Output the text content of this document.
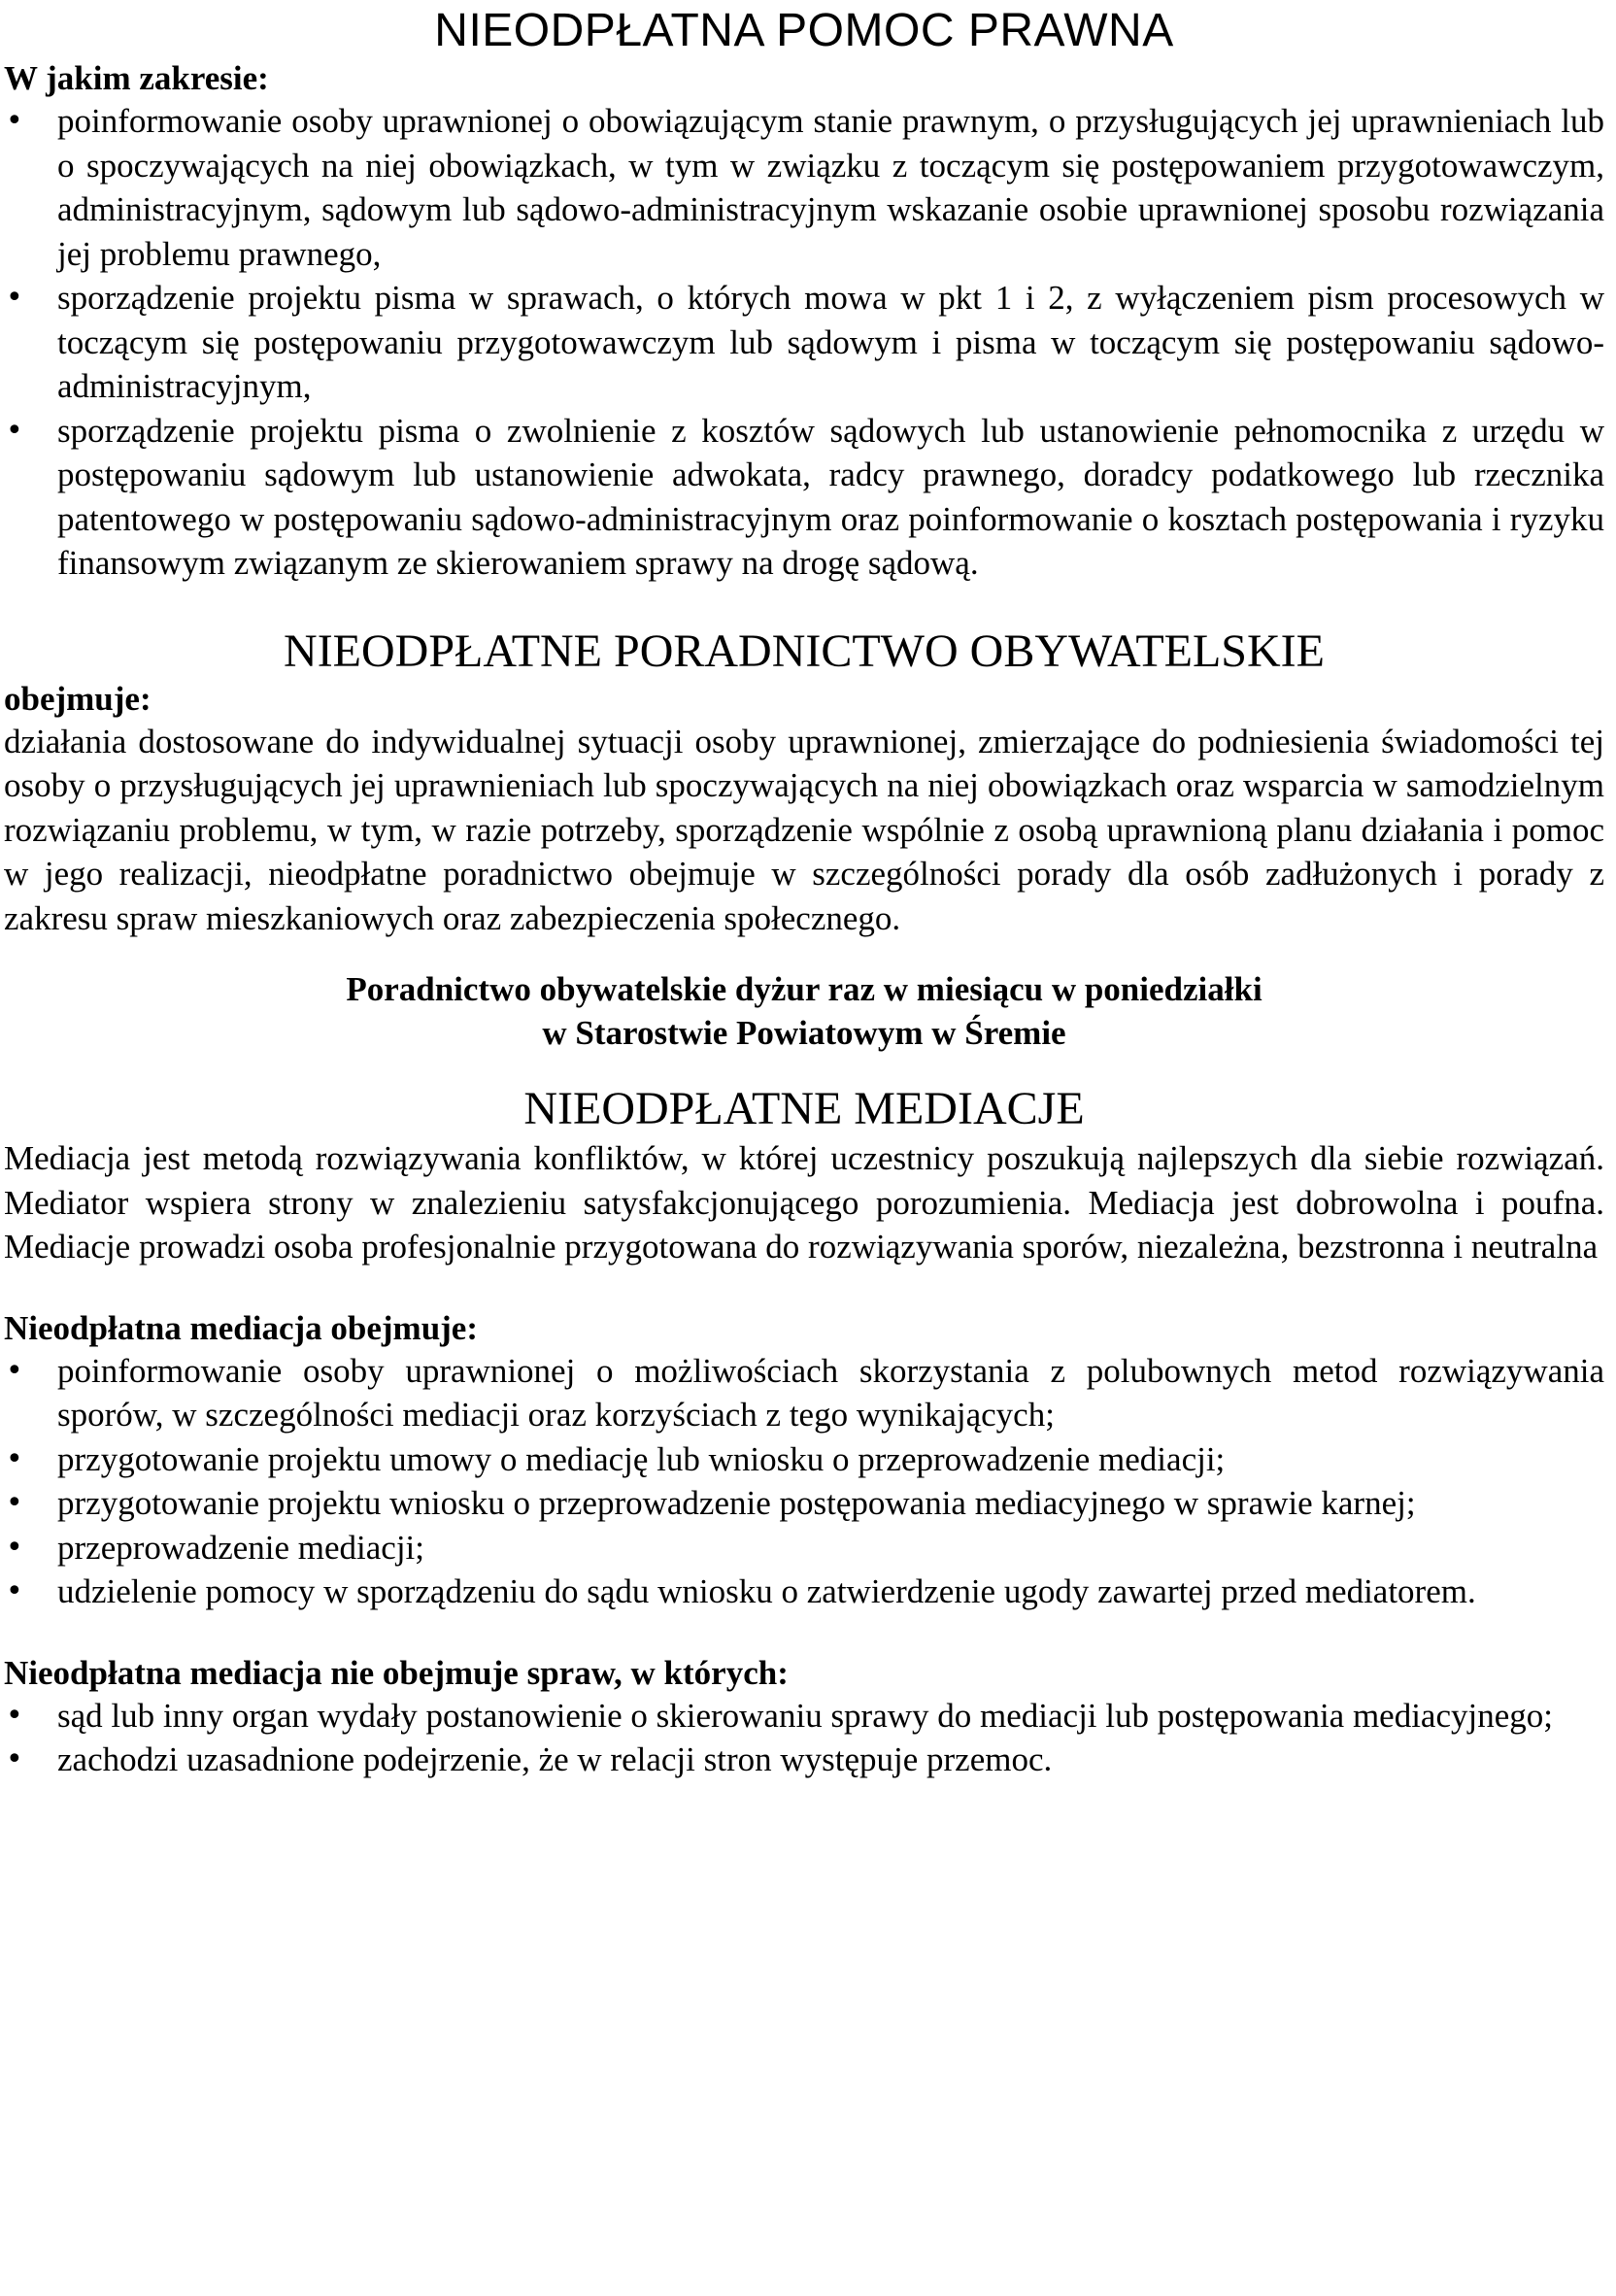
NIEODPŁATNA POMOC PRAWNA

W jakim zakresie:

• poinformowanie osoby uprawnionej o obowiązującym stanie prawnym, o przysługujących jej uprawnieniach lub o spoczywających na niej obowiązkach, w tym w związku z toczącym się postępowaniem przygotowawczym, administracyjnym, sądowym lub sądowo-administracyjnym wskazanie osobie uprawnionej sposobu rozwiązania jej problemu prawnego,
• sporządzenie projektu pisma w sprawach, o których mowa w pkt 1 i 2, z wyłączeniem pism procesowych w toczącym się postępowaniu przygotowawczym lub sądowym i pisma w toczącym się postępowaniu sądowo-administracyjnym,
• sporządzenie projektu pisma o zwolnienie z kosztów sądowych lub ustanowienie pełnomocnika z urzędu w postępowaniu sądowym lub ustanowienie adwokata, radcy prawnego, doradcy podatkowego lub rzecznika patentowego w postępowaniu sądowo-administracyjnym oraz poinformowanie o kosztach postępowania i ryzyku finansowym związanym ze skierowaniem sprawy na drogę sądową.
NIEODPŁATNE PORADNICTWO OBYWATELSKIE

obejmuje:

działania dostosowane do indywidualnej sytuacji osoby uprawnionej, zmierzające do podniesienia świadomości tej osoby o przysługujących jej uprawnieniach lub spoczywających na niej obowiązkach oraz wsparcia w samodzielnym rozwiązaniu problemu, w tym, w razie potrzeby, sporządzenie wspólnie z osobą uprawnioną planu działania i pomoc w jego realizacji, nieodpłatne poradnictwo obejmuje w szczególności porady dla osób zadłużonych i porady z zakresu spraw mieszkaniowych oraz zabezpieczenia społecznego.

Poradnictwo obywatelskie dyżur raz w miesiącu w poniedziałki

w Starostwie Powiatowym w Śremie

NIEODPŁATNE MEDIACJE

Mediacja jest metodą rozwiązywania konfliktów, w której uczestnicy poszukują najlepszych dla siebie rozwiązań. Mediator wspiera strony w znalezieniu satysfakcjonującego porozumienia. Mediacja jest dobrowolna i poufna. Mediacje prowadzi osoba profesjonalnie przygotowana do rozwiązywania sporów, niezależna, bezstronna i neutralna

Nieodpłatna mediacja obejmuje:

• poinformowanie osoby uprawnionej o możliwościach skorzystania z polubownych metod rozwiązywania sporów, w szczególności mediacji oraz korzyściach z tego wynikających;
• przygotowanie projektu umowy o mediację lub wniosku o przeprowadzenie mediacji;
• przygotowanie projektu wniosku o przeprowadzenie postępowania mediacyjnego w sprawie karnej;
• przeprowadzenie mediacji;
• udzielenie pomocy w sporządzeniu do sądu wniosku o zatwierdzenie ugody zawartej przed mediatorem.

Nieodpłatna mediacja nie obejmuje spraw, w których:

• sąd lub inny organ wydały postanowienie o skierowaniu sprawy do mediacji lub postępowania mediacyjnego;
• zachodzi uzasadnione podejrzenie, że w relacji stron występuje przemoc.
